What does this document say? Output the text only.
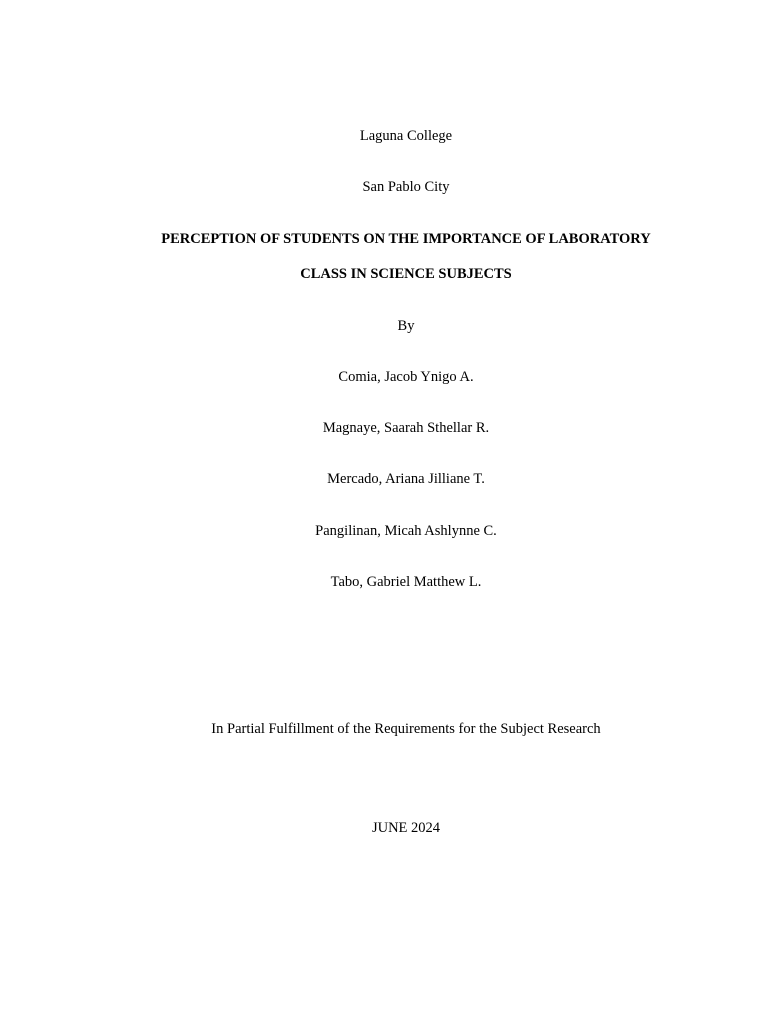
Laguna College
San Pablo City
PERCEPTION OF STUDENTS ON THE IMPORTANCE OF LABORATORY
CLASS IN SCIENCE SUBJECTS
By
Comia, Jacob Ynigo A.
Magnaye, Saarah Sthellar R.
Mercado, Ariana Jilliane T.
Pangilinan, Micah Ashlynne C.
Tabo, Gabriel Matthew L.
In Partial Fulfillment of the Requirements for the Subject Research
JUNE 2024
